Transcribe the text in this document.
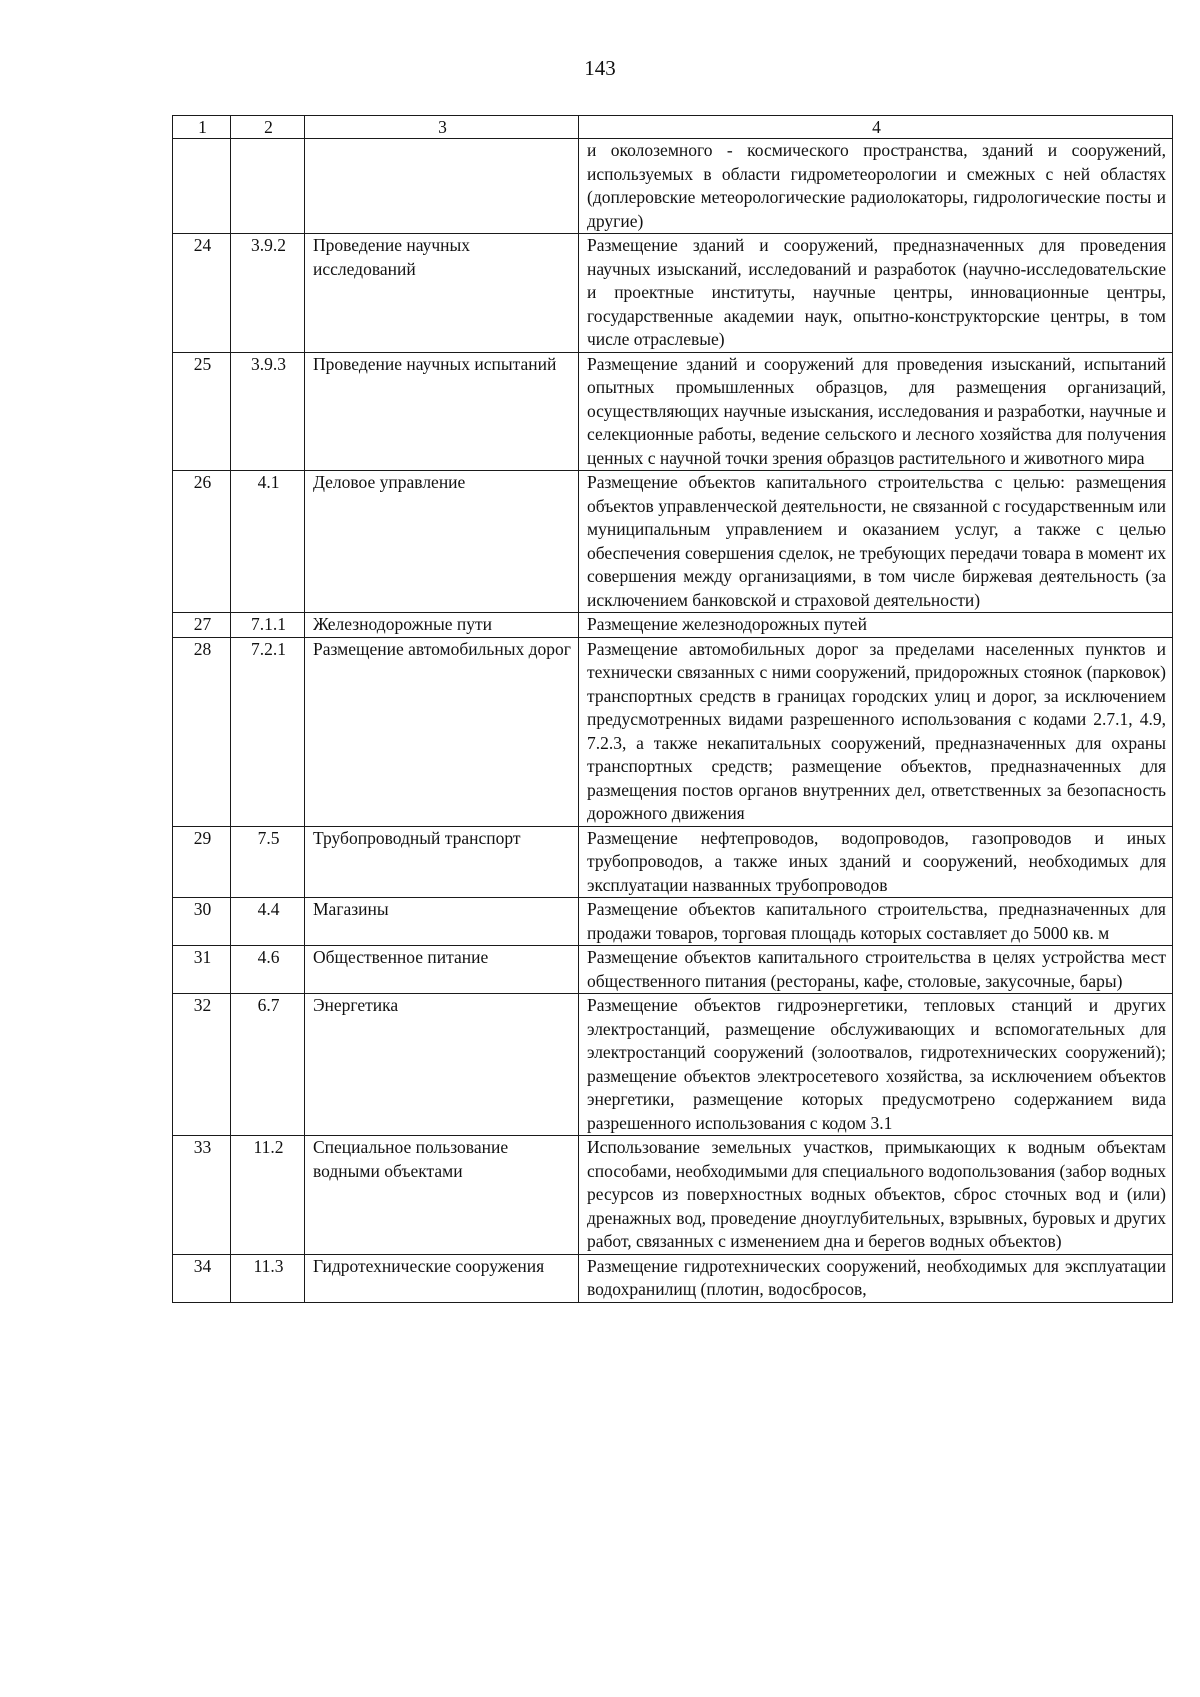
143
1	2	3	4
			и околоземного - космического пространства, зданий и сооружений, используемых в области гидрометеорологии и смежных с ней областях (доплеровские метеорологические радиолокаторы, гидрологические посты и другие)
24	3.9.2	Проведение научных исследований	Размещение зданий и сооружений, предназначенных для проведения научных изысканий, исследований и разработок (научно-исследовательские и проектные институты, научные центры, инновационные центры, государственные академии наук, опытно-конструкторские центры, в том числе отраслевые)
25	3.9.3	Проведение научных испытаний	Размещение зданий и сооружений для проведения изысканий, испытаний опытных промышленных образцов, для размещения организаций, осуществляющих научные изыскания, исследования и разработки, научные и селекционные работы, ведение сельского и лесного хозяйства для получения ценных с научной точки зрения образцов растительного и животного мира
26	4.1	Деловое управление	Размещение объектов капитального строительства с целью: размещения объектов управленческой деятельности, не связанной с государственным или муниципальным управлением и оказанием услуг, а также с целью обеспечения совершения сделок, не требующих передачи товара в момент их совершения между организациями, в том числе биржевая деятельность (за исключением банковской и страховой деятельности)
27	7.1.1	Железнодорожные пути	Размещение железнодорожных путей
28	7.2.1	Размещение автомобильных дорог	Размещение автомобильных дорог за пределами населенных пунктов и технически связанных с ними сооружений, придорожных стоянок (парковок) транспортных средств в границах городских улиц и дорог, за исключением предусмотренных видами разрешенного использования с кодами 2.7.1, 4.9, 7.2.3, а также некапитальных сооружений, предназначенных для охраны транспортных средств; размещение объектов, предназначенных для размещения постов органов внутренних дел, ответственных за безопасность дорожного движения
29	7.5	Трубопроводный транспорт	Размещение нефтепроводов, водопроводов, газопроводов и иных трубопроводов, а также иных зданий и сооружений, необходимых для эксплуатации названных трубопроводов
30	4.4	Магазины	Размещение объектов капитального строительства, предназначенных для продажи товаров, торговая площадь которых составляет до 5000 кв. м
31	4.6	Общественное питание	Размещение объектов капитального строительства в целях устройства мест общественного питания (рестораны, кафе, столовые, закусочные, бары)
32	6.7	Энергетика	Размещение объектов гидроэнергетики, тепловых станций и других электростанций, размещение обслуживающих и вспомогательных для электростанций сооружений (золоотвалов, гидротехнических сооружений); размещение объектов электросетевого хозяйства, за исключением объектов энергетики, размещение которых предусмотрено содержанием вида разрешенного использования с кодом 3.1
33	11.2	Специальное пользование водными объектами	Использование земельных участков, примыкающих к водным объектам способами, необходимыми для специального водопользования (забор водных ресурсов из поверхностных водных объектов, сброс сточных вод и (или) дренажных вод, проведение дноуглубительных, взрывных, буровых и других работ, связанных с изменением дна и берегов водных объектов)
34	11.3	Гидротехнические сооружения	Размещение гидротехнических сооружений, необходимых для эксплуатации водохранилищ (плотин, водосбросов,
